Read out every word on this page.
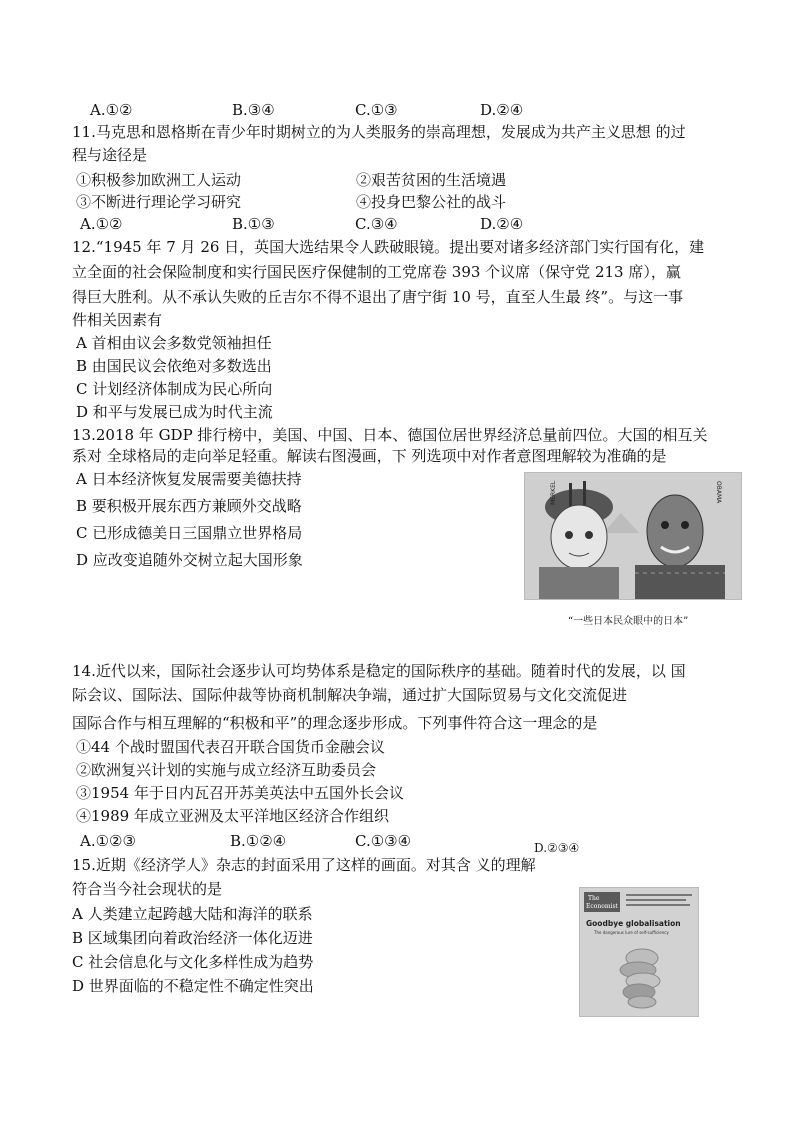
A.①②	B.③④	C.①③	D.②④
11.马克思和恩格斯在青少年时期树立的为人类服务的崇高理想，发展成为共产主义思想 的过
程与途径是
①积极参加欧洲工人运动	②艰苦贫困的生活境遇
③不断进行理论学习研究	④投身巴黎公社的战斗
A.①②	B.①③	C.③④	D.②④
12.“1945 年 7 月 26 日，英国大选结果令人跌破眼镜。提出要对诸多经济部门实行国有化，建
立全面的社会保险制度和实行国民医疗保健制的工党席卷 393 个议席（保守党 213 席），赢
得巨大胜利。从不承认失败的丘吉尔不得不退出了唐宁街 10 号，直至人生最 终”。与这一事
件相关因素有
A 首相由议会多数党领袖担任
B 由国民议会依绝对多数选出
C 计划经济体制成为民心所向
D 和平与发展已成为时代主流
13.2018 年 GDP 排行榜中，美国、中国、日本、德国位居世界经济总量前四位。大国的相互关
系对 全球格局的走向举足轻重。解读右图漫画，下 列选项中对作者意图理解较为准确的是
A 日本经济恢复发展需要美德扶持
B 要积极开展东西方兼顾外交战略
C 已形成德美日三国鼎立世界格局
D 应改变追随外交树立起大国形象
MERKEL	OBAMA
“一些日本民众眼中的日本”
14.近代以来，国际社会逐步认可均势体系是稳定的国际秩序的基础。随着时代的发展，以 国
际会议、国际法、国际仲裁等协商机制解决争端，通过扩大国际贸易与文化交流促进
国际合作与相互理解的“积极和平”的理念逐步形成。下列事件符合这一理念的是
①44 个战时盟国代表召开联合国货币金融会议
②欧洲复兴计划的实施与成立经济互助委员会
③1954 年于日内瓦召开苏美英法中五国外长会议
④1989 年成立亚洲及太平洋地区经济合作组织
A.①②③	B.①②④	C.①③④	D.②③④
15.近期《经济学人》杂志的封面采用了这样的画面。对其含 义的理解
符合当今社会现状的是
A 人类建立起跨越大陆和海洋的联系
B 区域集团向着政治经济一体化迈进
C 社会信息化与文化多样性成为趋势
D 世界面临的不稳定性不确定性突出
The
Economist
Goodbye globalisation
The dangerous lure of self-sufficiency
